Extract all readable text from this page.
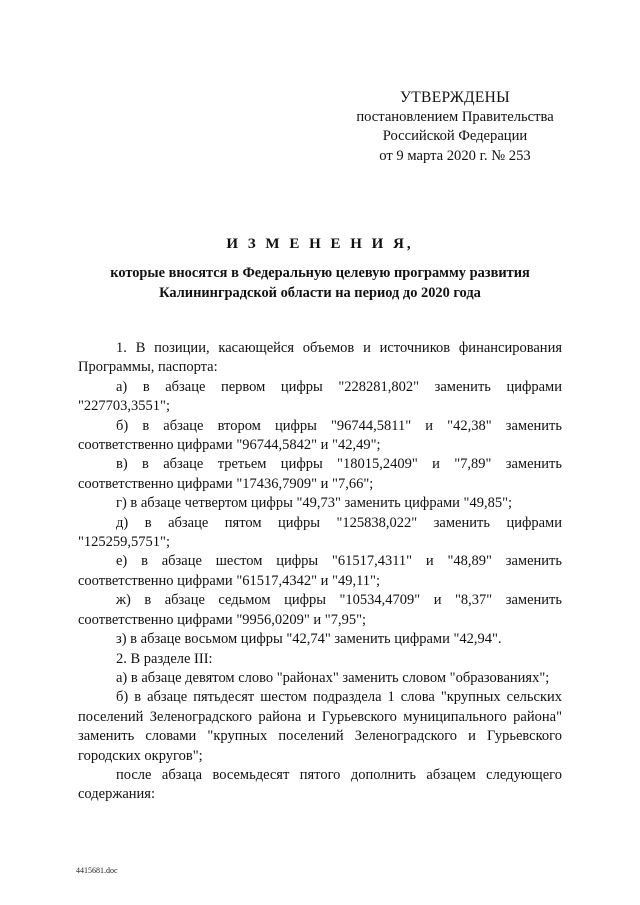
УТВЕРЖДЕНЫ
постановлением Правительства
Российской Федерации
от 9 марта 2020 г. № 253
И З М Е Н Е Н И Я,
которые вносятся в Федеральную целевую программу развития Калининградской области на период до 2020 года

1. В позиции, касающейся объемов и источников финансирования Программы, паспорта:

а) в абзаце первом цифры "228281,802" заменить цифрами "227703,3551";

б) в абзаце втором цифры "96744,5811" и "42,38" заменить соответственно цифрами "96744,5842" и "42,49";

в) в абзаце третьем цифры "18015,2409" и "7,89" заменить соответственно цифрами "17436,7909" и "7,66";

г) в абзаце четвертом цифры "49,73" заменить цифрами "49,85";

д) в абзаце пятом цифры "125838,022" заменить цифрами "125259,5751";

е) в абзаце шестом цифры "61517,4311" и "48,89" заменить соответственно цифрами "61517,4342" и "49,11";

ж) в абзаце седьмом цифры "10534,4709" и "8,37" заменить соответственно цифрами "9956,0209" и "7,95";

з) в абзаце восьмом цифры "42,74" заменить цифрами "42,94".

2. В разделе III:

а) в абзаце девятом слово "районах" заменить словом "образованиях";

б) в абзаце пятьдесят шестом подраздела 1 слова "крупных сельских поселений Зеленоградского района и Гурьевского муниципального района" заменить словами "крупных поселений Зеленоградского и Гурьевского городских округов";

после абзаца восемьдесят пятого дополнить абзацем следующего содержания:

4415681.doc
